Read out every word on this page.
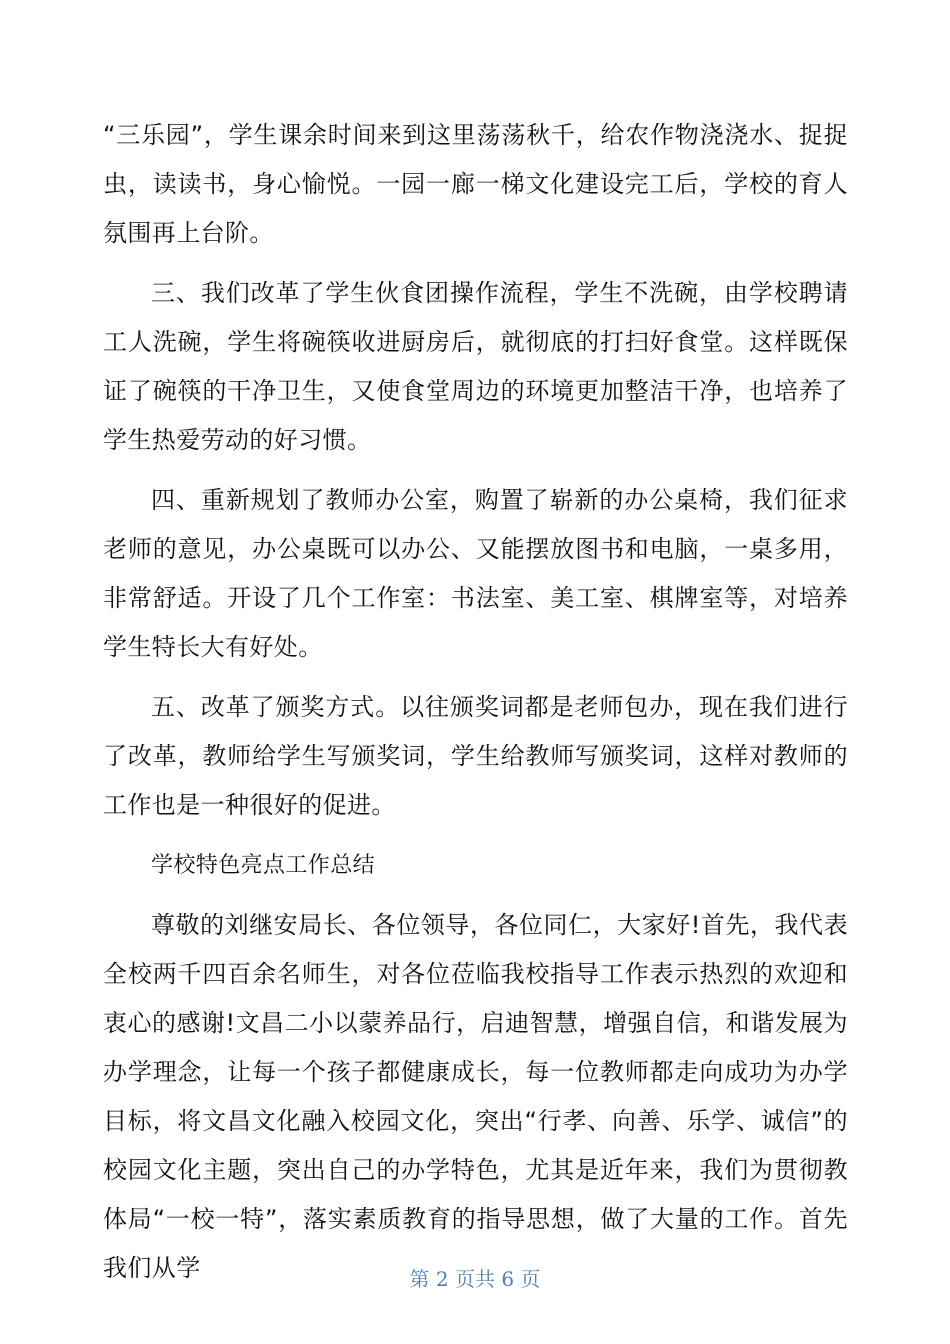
“三乐园”，学生课余时间来到这里荡荡秋千，给农作物浇浇水、捉捉虫，读读书，身心愉悦。一园一廊一梯文化建设完工后，学校的育人氛围再上台阶。

三、我们改革了学生伙食团操作流程，学生不洗碗，由学校聘请工人洗碗，学生将碗筷收进厨房后，就彻底的打扫好食堂。这样既保证了碗筷的干净卫生，又使食堂周边的环境更加整洁干净，也培养了学生热爱劳动的好习惯。

四、重新规划了教师办公室，购置了崭新的办公桌椅，我们征求老师的意见，办公桌既可以办公、又能摆放图书和电脑，一桌多用，非常舒适。开设了几个工作室：书法室、美工室、棋牌室等，对培养学生特长大有好处。

五、改革了颁奖方式。以往颁奖词都是老师包办，现在我们进行了改革，教师给学生写颁奖词，学生给教师写颁奖词，这样对教师的工作也是一种很好的促进。

学校特色亮点工作总结

尊敬的刘继安局长、各位领导，各位同仁，大家好!首先，我代表全校两千四百余名师生，对各位莅临我校指导工作表示热烈的欢迎和衷心的感谢!文昌二小以蒙养品行，启迪智慧，增强自信，和谐发展为办学理念，让每一个孩子都健康成长，每一位教师都走向成功为办学目标，将文昌文化融入校园文化，突出“行孝、向善、乐学、诚信”的校园文化主题，突出自己的办学特色，尤其是近年来，我们为贯彻教体局“一校一特”，落实素质教育的指导思想，做了大量的工作。首先我们从学	第 2 页共 6 页
